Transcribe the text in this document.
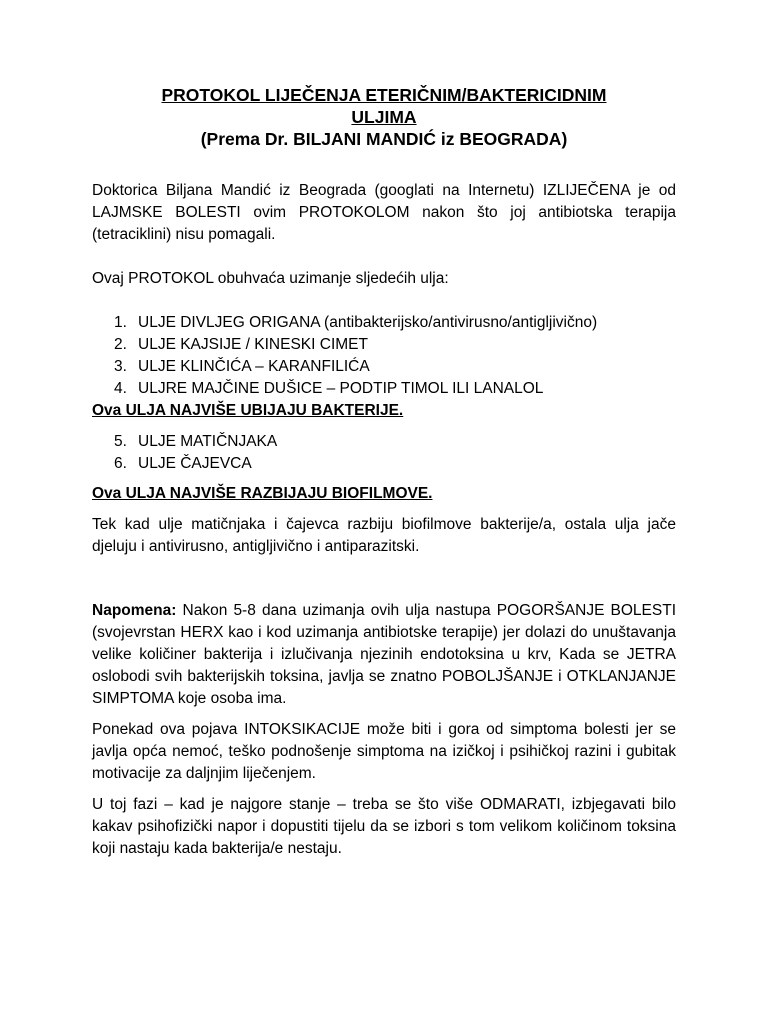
PROTOKOL LIJEČENJA ETERIČNIM/BAKTERICIDNIM
ULJIMA
(Prema Dr. BILJANI MANDIĆ iz BEOGRADA)

Doktorica Biljana Mandić iz Beograda (googlati na Internetu) IZLIJEČENA je od LAJMSKE BOLESTI ovim PROTOKOLOM nakon što joj antibiotska terapija (tetraciklini) nisu pomagali.

Ovaj PROTOKOL obuhvaća uzimanje sljedećih ulja:

1. ULJE DIVLJEG ORIGANA (antibakterijsko/antivirusno/antigljivično)
2. ULJE KAJSIJE / KINESKI CIMET
3. ULJE KLINČIĆA – KARANFILIĆA
4. ULJRE MAJČINE DUŠICE – PODTIP TIMOL ILI LANALOL

Ova ULJA NAJVIŠE UBIJAJU BAKTERIJE.

5. ULJE MATIČNJAKA
6. ULJE ČAJEVCA

Ova ULJA NAJVIŠE RAZBIJAJU BIOFILMOVE.

Tek kad ulje matičnjaka i čajevca razbiju biofilmove bakterije/a, ostala ulja jače djeluju i antivirusno, antigljivično i antiparazitski.

Napomena: Nakon 5-8 dana uzimanja ovih ulja nastupa POGORŠANJE BOLESTI (svojevrstan HERX kao i kod uzimanja antibiotske terapije) jer dolazi do unuštavanja velike količiner bakterija i izlučivanja njezinih endotoksina u krv, Kada se JETRA oslobodi svih bakterijskih toksina, javlja se znatno POBOLJŠANJE i OTKLANJANJE SIMPTOMA koje osoba ima.

Ponekad ova pojava INTOKSIKACIJE može biti i gora od simptoma bolesti jer se javlja opća nemoć, teško podnošenje simptoma na izičkoj i psihičkoj razini i gubitak motivacije za daljnjim liječenjem.

U toj fazi – kad je najgore stanje – treba se što više ODMARATI, izbjegavati bilo kakav psihofizički napor i dopustiti tijelu da se izbori s tom velikom količinom toksina koji nastaju kada bakterija/e nestaju.
